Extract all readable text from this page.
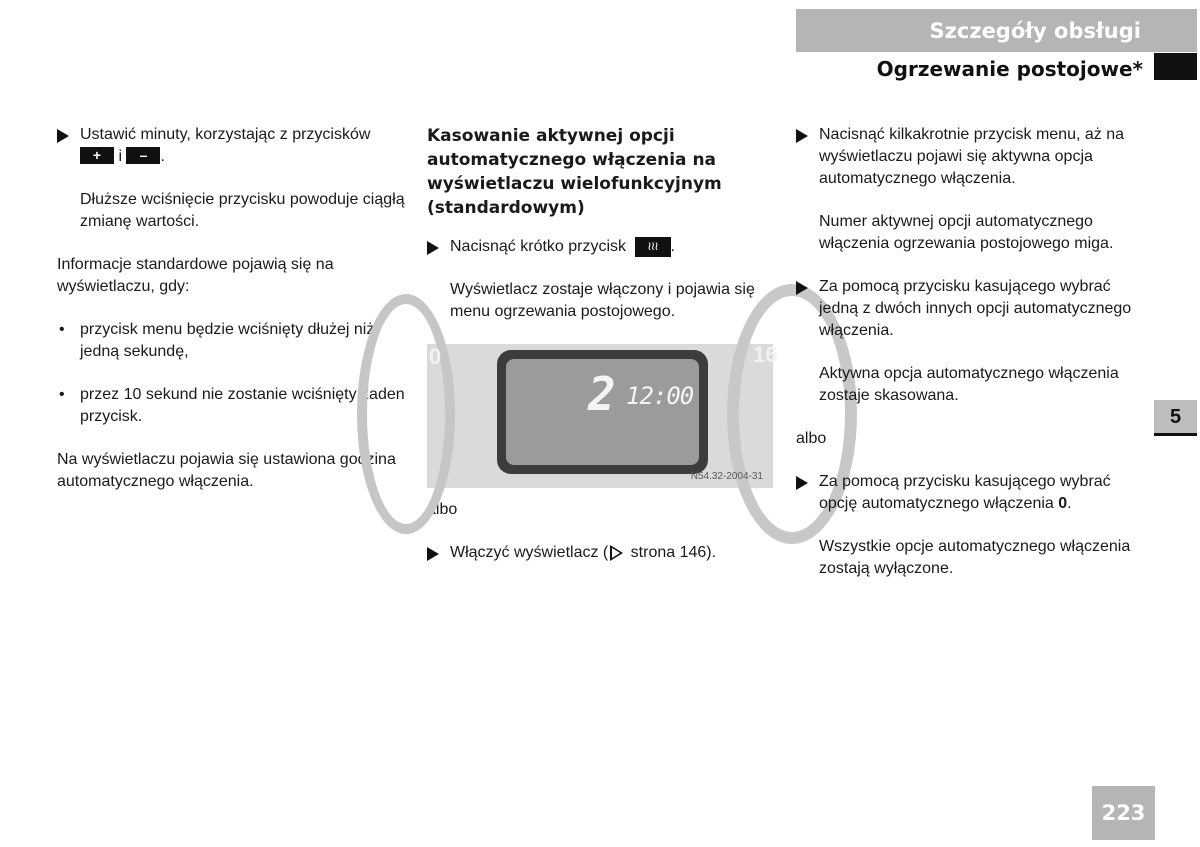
Szczegóły obsługi
Ogrzewanie postojowe*
5
223

Ustawić minuty, korzystając z przycisków
+ i – .

Dłuższe wciśnięcie przycisku powoduje ciągłą zmianę wartości.

Informacje standardowe pojawią się na wyświetlaczu, gdy:

• przycisk menu będzie wciśnięty dłużej niż jedną sekundę,

• przez 10 sekund nie zostanie wciśnięty żaden przycisk.

Na wyświetlaczu pojawia się ustawiona godzina automatycznego włączenia.

Kasowanie aktywnej opcji automatycznego włączenia na wyświetlaczu wielofunkcyjnym (standardowym)

Nacisnąć krótko przycisk ≀≀≀ .

Wyświetlacz zostaje włączony i pojawia się menu ogrzewania postojowego.

0	16
2 12:00
N54.32-2004-31

albo

Włączyć wyświetlacz ( strona 146).

Nacisnąć kilkakrotnie przycisk menu, aż na wyświetlaczu pojawi się aktywna opcja automatycznego włączenia.

Numer aktywnej opcji automatycznego włączenia ogrzewania postojowego miga.

Za pomocą przycisku kasującego wybrać jedną z dwóch innych opcji automatycznego włączenia.

Aktywna opcja automatycznego włączenia zostaje skasowana.

albo

Za pomocą przycisku kasującego wybrać opcję automatycznego włączenia 0.

Wszystkie opcje automatycznego włączenia zostają wyłączone.
